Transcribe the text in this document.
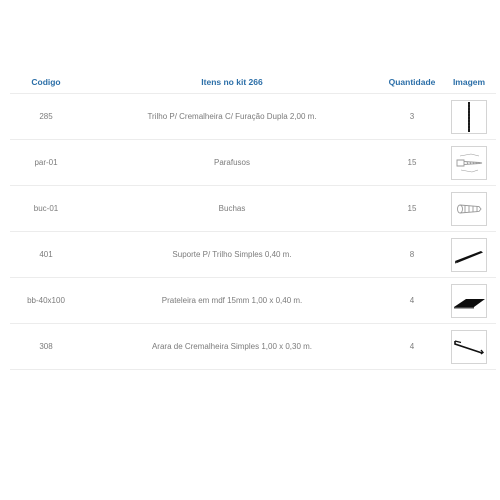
Codigo	Itens no kit 266	Quantidade	Imagem
285	Trilho P/ Cremalheira C/ Furação Dupla 2,00 m.	3
par-01	Parafusos	15
buc-01	Buchas	15
401	Suporte P/ Trilho Simples 0,40 m.	8
bb-40x100	Prateleira em mdf 15mm 1,00 x 0,40 m.	4
308	Arara de Cremalheira Simples 1,00 x 0,30 m.	4
